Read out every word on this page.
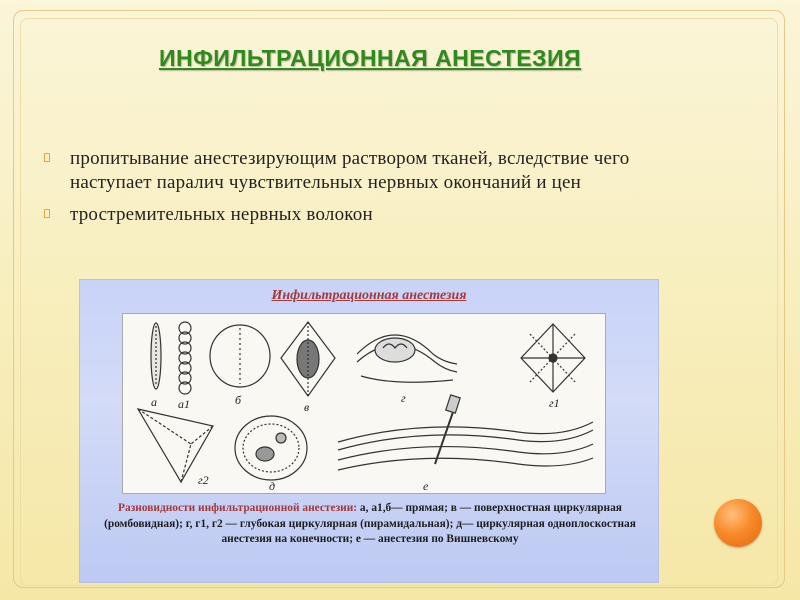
ИНФИЛЬТРАЦИОННАЯ АНЕСТЕЗИЯ
пропитывание анестезирующим раствором тканей, вследствие чего наступает паралич чувствительных нервных окончаний и цен
тростремительных нервных волокон
Инфильтрационная анестезия
а а1	б	в
г	г1
г2	д	е
Разновидности инфильтрационной анестезии: а, а1,б— прямая; в — поверхностная циркулярная (ромбовидная); г, г1, г2 — глубокая циркулярная (пирамидальная); д— циркулярная одноплоскостная анестезия на конечности; е — анестезия по Вишневскому
